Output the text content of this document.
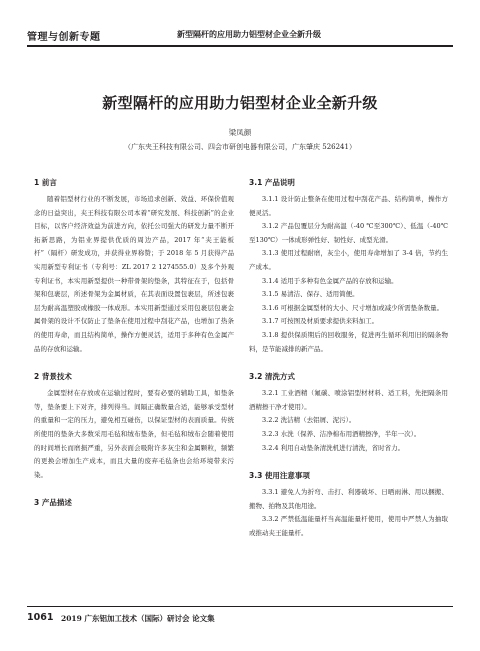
管理与创新专题	新型隔杆的应用助力铝型材企业全新升级
新型隔杆的应用助力铝型材企业全新升级
梁凤颜
（广东夹王科技有限公司、四会市研创电器有限公司，广东肇庆 526241）
1 前言

随着铝型材行业的不断发展，市场追求创新、效益、环保价值观念的日益突出，夹王科技有限公司本着“研究发展、科技创新”的企业目标，以客户经济效益为前进方向，依托公司强大的研发力量不断开拓新思路，为铝业界提供优质的周边产品，2017 年“夹王能板杆”（隔杆）研发成功，并获得业界称赞；于 2018 年 5 月获得产品实用新型专利证书（专利号：ZL 2017 2 1274555.0）及多个外观专利证书，本实用新型提供一种带骨架的垫条，其特征在于，包括骨架和包裹层，所述骨架为金属材质，在其表面设置包裹层，所述包裹层为耐高温塑胶或橡胶一体成形。本实用新型通过采用包裹层包裹金属骨架的设计不仅防止了垫条在使用过程中刮花产品，也增加了热条的使用寿命，而且结构简单，操作方便灵活，适用于多种有色金属产品的存放和运输。

2 背景技术

金属型材在存放或在运输过程时，要有必要的辅助工具，如垫条等，垫条要上下对齐，排列得当。间隔正确数量合适，能够承受型材的重量和一定的压力，避免相互碰伤，以保证型材的表面质量。传统所使用的垫条大多数采用毛毡和绒布垫条，但毛毡和绒布会随着使用的时间增长而磨损严重，另外表面会吸附许多灰尘和金属颗粒，频繁的更换会增加生产成本，而且大量的废弃毛毡条也会给环境带来污染。

3 产品描述
3.1 产品说明
3.1.1 设计防止整条在使用过程中刮花产品、结构简单，操作方便灵活。
3.1.2 产品包覆层分为耐高温（-40 ℃至300℃）、低温（-40℃至130℃）一体成形弹性好、韧性好、成型光滑。
3.1.3 使用过程耐磨，灰尘小，使用寿命增加了 3-4 倍，节约生产成本。
3.1.4 适用于多种有色金属产品的存放和运输。
3.1.5 易清洁、保存、适用简便。
3.1.6 可根据金属型材的大小、尺寸增加或减少所需垫条数量。
3.1.7 可按图及材质要求提供来料加工。
3.1.8 提供保质期后的回收服务，促进再生循环利用旧的隔条物料，是节能减排的新产品。
3.2 清洗方式
3.2.1 工业酒精（氟碳、喷涂铝型材材料、适工料，先把隔条用酒精擦干净才使用）。
3.2.2 洗洁精（去铝屑、泥污）。
3.2.3 水洗（保养、洁净棉布用酒精擦净，半年一次）。
3.2.4 利用自动垫条清洗机进行清洗，省时省力。
3.3 使用注意事项
3.3.1 避免人为折弯、击打、利器破坏、日晒雨淋、用以捆搬、搬物、拍物及其他用途。
3.3.2 严禁低温能量杆当高温能量杆使用，使用中严禁人为抽取或推动夹王能量杆。
1061 2019 广东铝加工技术（国际）研讨会 论文集
